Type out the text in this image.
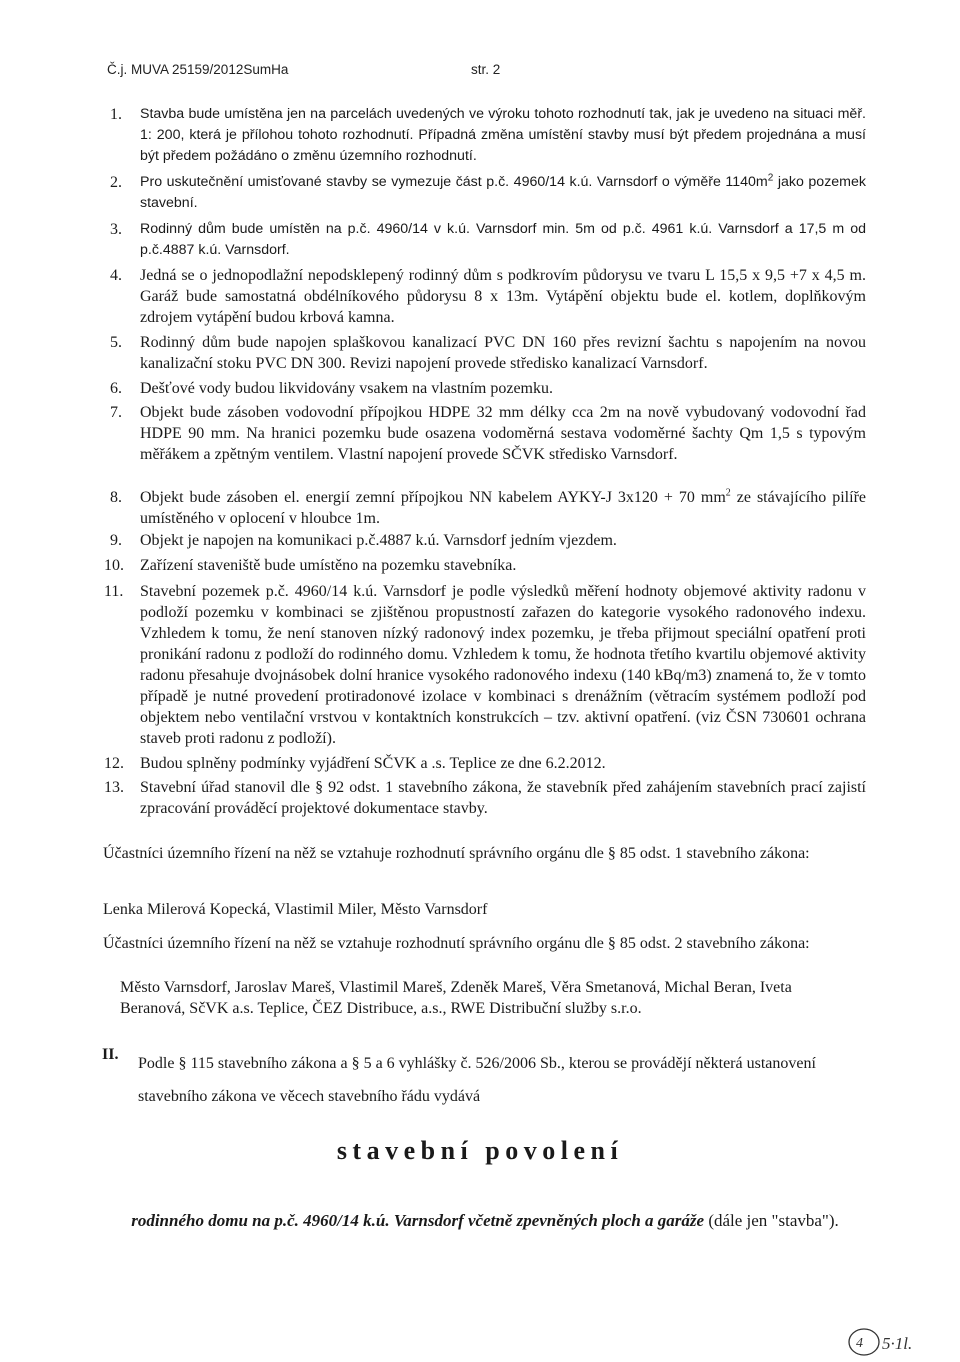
Č.j. MUVA 25159/2012SumHa	str. 2
1.	Stavba bude umístěna jen na parcelách uvedených ve výroku tohoto rozhodnutí tak, jak je uvedeno na situaci měř. 1: 200, která je přílohou tohoto rozhodnutí. Případná změna umístění stavby musí být předem projednána a musí být předem požádáno o změnu územního rozhodnutí.
2.	Pro uskutečnění umisťované stavby se vymezuje část p.č. 4960/14 k.ú. Varnsdorf o výměře $1140m^2$ jako pozemek stavební.
3.	Rodinný dům bude umístěn na p.č. 4960/14 v k.ú. Varnsdorf min. 5m od p.č. 4961 k.ú. Varnsdorf a 17,5 m od p.č.4887 k.ú. Varnsdorf.
4.	Jedná se o jednopodlažní nepodsklepený rodinný dům s podkrovím půdorysu ve tvaru L 15,5 x 9,5 +7 x 4,5 m. Garáž bude samostatná obdélníkového půdorysu 8 x 13m. Vytápění objektu bude el. kotlem, doplňkovým zdrojem vytápění budou krbová kamna.
5.	Rodinný dům bude napojen splaškovou kanalizací PVC DN 160 přes revizní šachtu s napojením na novou kanalizační stoku PVC DN 300. Revizi napojení provede středisko kanalizací Varnsdorf.
6.	Dešťové vody budou likvidovány vsakem na vlastním pozemku.
7.	Objekt bude zásoben vodovodní přípojkou HDPE 32 mm délky cca 2m na nově vybudovaný vodovodní řad HDPE 90 mm. Na hranici pozemku bude osazena vodoměrná sestava vodoměrné šachty Qm 1,5 s typovým měřákem a zpětným ventilem. Vlastní napojení provede SČVK středisko Varnsdorf.
8.	Objekt bude zásoben el. energií zemní přípojkou NN kabelem AYKY-J 3x120 + 70 $mm^2$ ze stávajícího pilíře umístěného v oplocení v hloubce 1m.
9.	Objekt je napojen na komunikaci p.č.4887 k.ú. Varnsdorf jedním vjezdem.
10.	Zařízení staveniště bude umístěno na pozemku stavebníka.
11.	Stavební pozemek p.č. 4960/14 k.ú. Varnsdorf je podle výsledků měření hodnoty objemové aktivity radonu v podloží pozemku v kombinaci se zjištěnou propustností zařazen do kategorie vysokého radonového indexu. Vzhledem k tomu, že není stanoven nízký radonový index pozemku, je třeba přijmout speciální opatření proti pronikání radonu z podloží do rodinného domu. Vzhledem k tomu, že hodnota třetího kvartilu objemové aktivity radonu přesahuje dvojnásobek dolní hranice vysokého radonového indexu (140 kBq/m3) znamená to, že v tomto případě je nutné provedení protiradonové izolace v kombinaci s drenážním (větracím systémem podloží pod objektem nebo ventilační vrstvou v kontaktních konstrukcích – tzv. aktivní opatření. (viz ČSN 730601 ochrana staveb proti radonu z podloží).
12.	Budou splněny podmínky vyjádření SČVK a .s. Teplice ze dne 6.2.2012.
13.	Stavební úřad stanovil dle § 92 odst. 1 stavebního zákona, že stavebník před zahájením stavebních prací zajistí zpracování prováděcí projektové dokumentace stavby.
Účastníci územního řízení na něž se vztahuje rozhodnutí správního orgánu dle § 85 odst. 1 stavebního zákona:
Lenka Milerová Kopecká, Vlastimil Miler, Město Varnsdorf
Účastníci územního řízení na něž se vztahuje rozhodnutí správního orgánu dle § 85 odst. 2 stavebního zákona:
Město Varnsdorf, Jaroslav Mareš, Vlastimil Mareš, Zdeněk Mareš, Věra Smetanová, Michal Beran, Iveta Beranová, SčVK a.s. Teplice, ČEZ Distribuce, a.s., RWE Distribuční služby s.r.o.
II.
Podle § 115 stavebního zákona a § 5 a 6 vyhlášky č. 526/2006 Sb., kterou se provádějí některá ustanovení stavebního zákona ve věcech stavebního řádu vydává
stavební povolení
rodinného domu na p.č. 4960/14 k.ú. Varnsdorf včetně zpevněných ploch a garáže (dále jen "stavba").
4 5·1l.
